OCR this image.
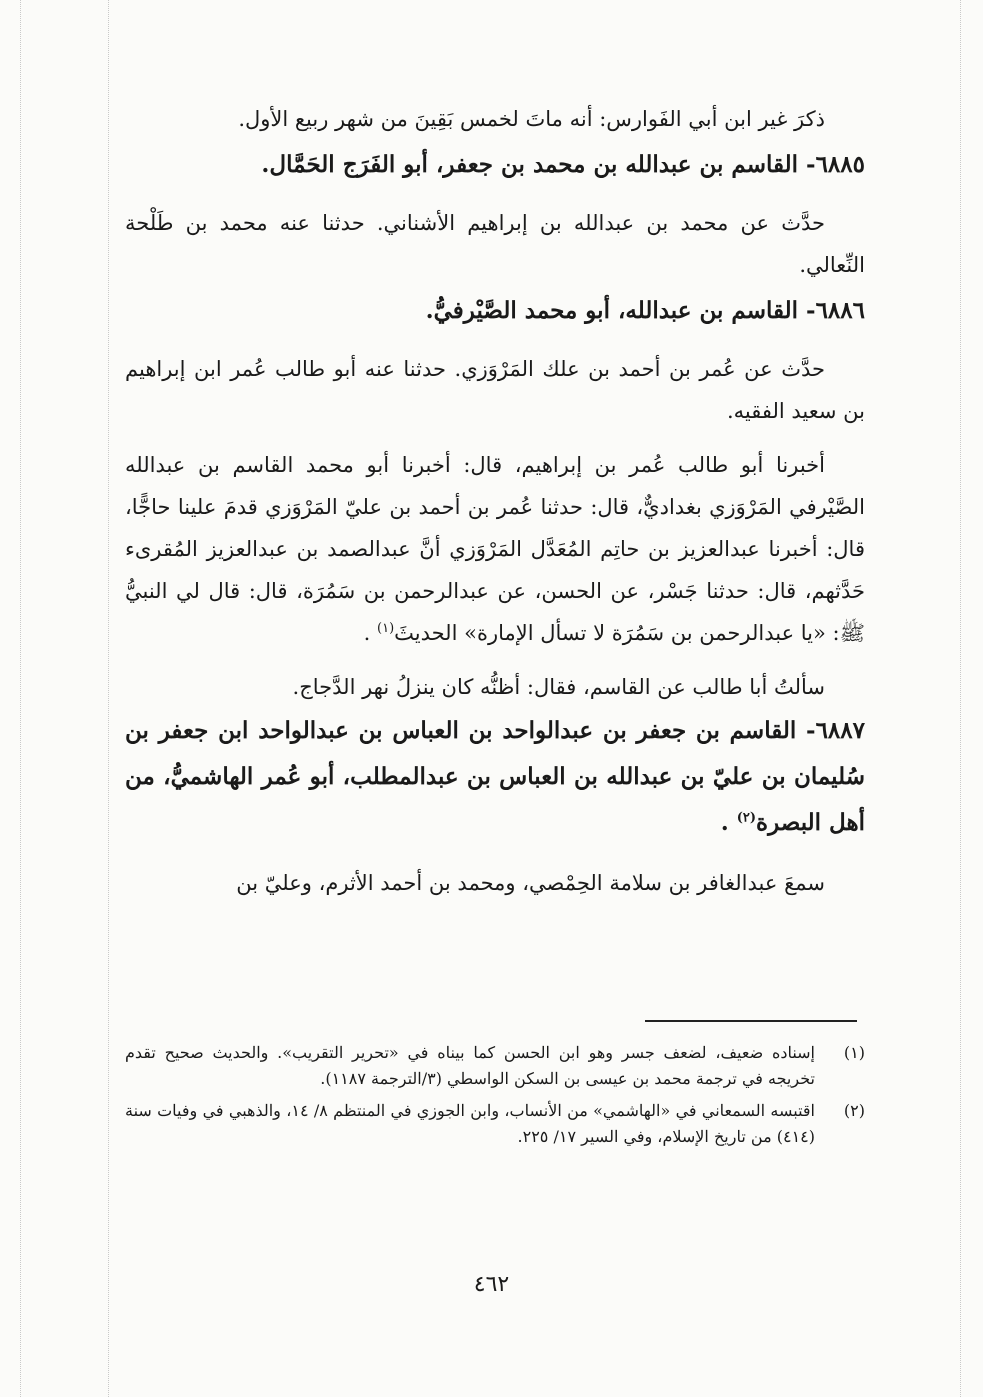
ذكرَ غير ابن أبي الفَوارس: أنه ماتَ لخمس بَقِينَ من شهر ربيع الأول.

٦٨٨٥- القاسم بن عبدالله بن محمد بن جعفر، أبو الفَرَج الحَمَّال.

حدَّث عن محمد بن عبدالله بن إبراهيم الأشناني. حدثنا عنه محمد بن طَلْحة النِّعالي.

٦٨٨٦- القاسم بن عبدالله، أبو محمد الصَّيْرفيُّ.

حدَّث عن عُمر بن أحمد بن علك المَرْوَزي. حدثنا عنه أبو طالب عُمر ابن إبراهيم بن سعيد الفقيه.

أخبرنا أبو طالب عُمر بن إبراهيم، قال: أخبرنا أبو محمد القاسم بن عبدالله الصَّيْرفي المَرْوَزي بغداديٌّ، قال: حدثنا عُمر بن أحمد بن عليّ المَرْوَزي قدمَ علينا حاجًّا، قال: أخبرنا عبدالعزيز بن حاتِم المُعَدَّل المَرْوَزي أنَّ عبدالصمد بن عبدالعزيز المُقرىء حَدَّثهم، قال: حدثنا جَسْر، عن الحسن، عن عبدالرحمن بن سَمُرَة، قال: قال لي النبيُّ ﷺ: «يا عبدالرحمن بن سَمُرَة لا تسأل الإمارة» الحديثَ$^{(١)}$ .

سألتُ أبا طالب عن القاسم، فقال: أظنُّه كان ينزلُ نهر الدَّجاج.

٦٨٨٧- القاسم بن جعفر بن عبدالواحد بن العباس بن عبدالواحد ابن جعفر بن سُليمان بن عليّ بن عبدالله بن العباس بن عبدالمطلب، أبو عُمر الهاشميُّ، من أهل البصرة$^{(٢)}$ .

سمعَ عبدالغافر بن سلامة الحِمْصي، ومحمد بن أحمد الأثرم، وعليّ بن

(١)
إسناده ضعيف، لضعف جسر وهو ابن الحسن كما بيناه في «تحرير التقريب». والحديث صحيح تقدم تخريجه في ترجمة محمد بن عيسى بن السكن الواسطي (٣/الترجمة ١١٨٧).
(٢)
اقتبسه السمعاني في «الهاشمي» من الأنساب، وابن الجوزي في المنتظم ٨/ ١٤، والذهبي في وفيات سنة (٤١٤) من تاريخ الإسلام، وفي السير ١٧/ ٢٢٥.
٤٦٢
